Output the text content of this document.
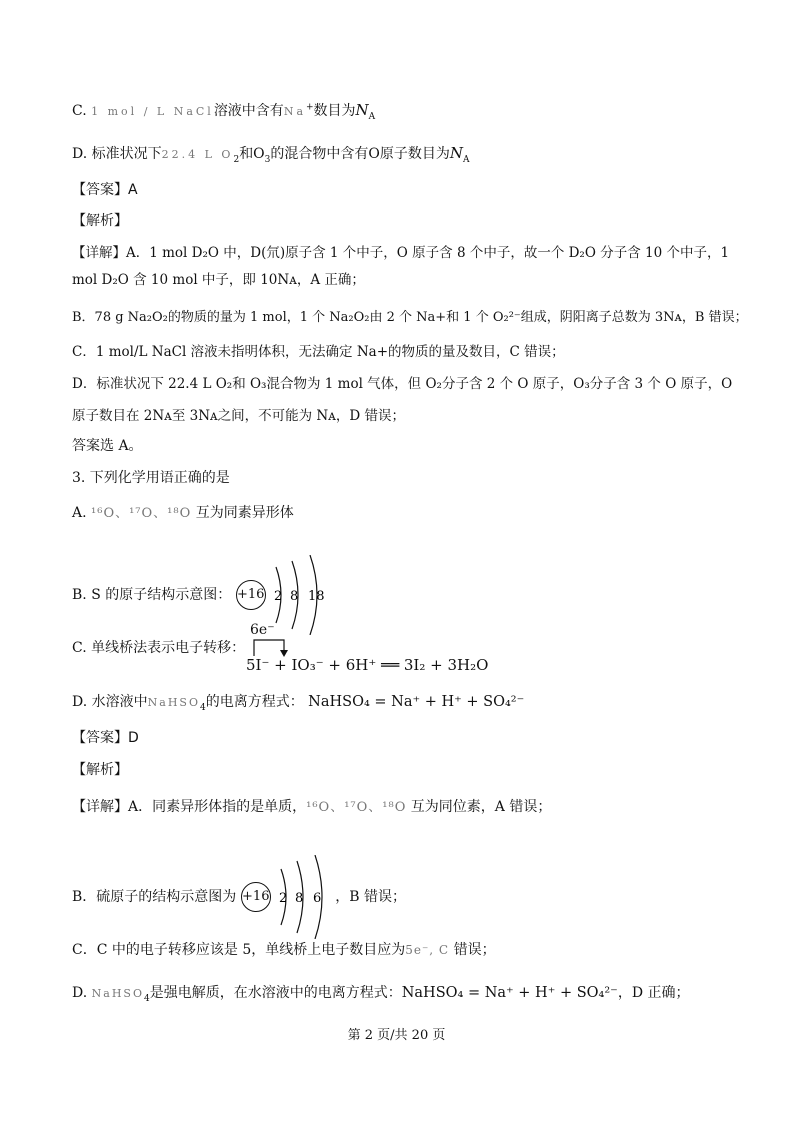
C. 1 mol / L NaCl溶液中含有Na+数目为$N_A$
D. 标准状况下22.4 L $O_2$和$O_3$的混合物中含有O原子数目为$N_A$
【答案】A
【解析】
【详解】A．1 mol D₂O 中，D(氘)原子含 1 个中子，O 原子含 8 个中子，故一个 D₂O 分子含 10 个中子，1
mol D₂O 含 10 mol 中子，即 10Nᴀ，A 正确；
B．78 g Na₂O₂的物质的量为 1 mol，1 个 Na₂O₂由 2 个 Na+和 1 个 O₂²⁻组成，阴阳离子总数为 3Nᴀ，B 错误；
C．1 mol/L NaCl 溶液未指明体积，无法确定 Na+的物质的量及数目，C 错误；
D．标准状况下 22.4 L O₂和 O₃混合物为 1 mol 气体，但 O₂分子含 2 个 O 原子，O₃分子含 3 个 O 原子，O
原子数目在 2Nᴀ至 3Nᴀ之间，不可能为 Nᴀ，D 错误；
答案选 A。
3. 下列化学用语正确的是
A. ¹⁶O、¹⁷O、¹⁸O 互为同素异形体
B. S 的原子结构示意图： +16 2 8 18
C. 单线桥法表示电子转移：
6e⁻
5I⁻ + IO₃⁻ + 6H⁺ ══ 3I₂ + 3H₂O
D. 水溶液中NaHSO$_4$的电离方程式： NaHSO₄ = Na⁺ + H⁺ + SO₄²⁻
【答案】D
【解析】
【详解】A．同素异形体指的是单质，¹⁶O、¹⁷O、¹⁸O 互为同位素，A 错误；
B．硫原子的结构示意图为 +16 2 8 6 ，B 错误；
C．C 中的电子转移应该是 5，单线桥上电子数目应为5e⁻, C 错误；
D. NaHSO$_4$是强电解质，在水溶液中的电离方程式：NaHSO₄ = Na⁺ + H⁺ + SO₄²⁻，D 正确；
第 2 页/共 20 页
